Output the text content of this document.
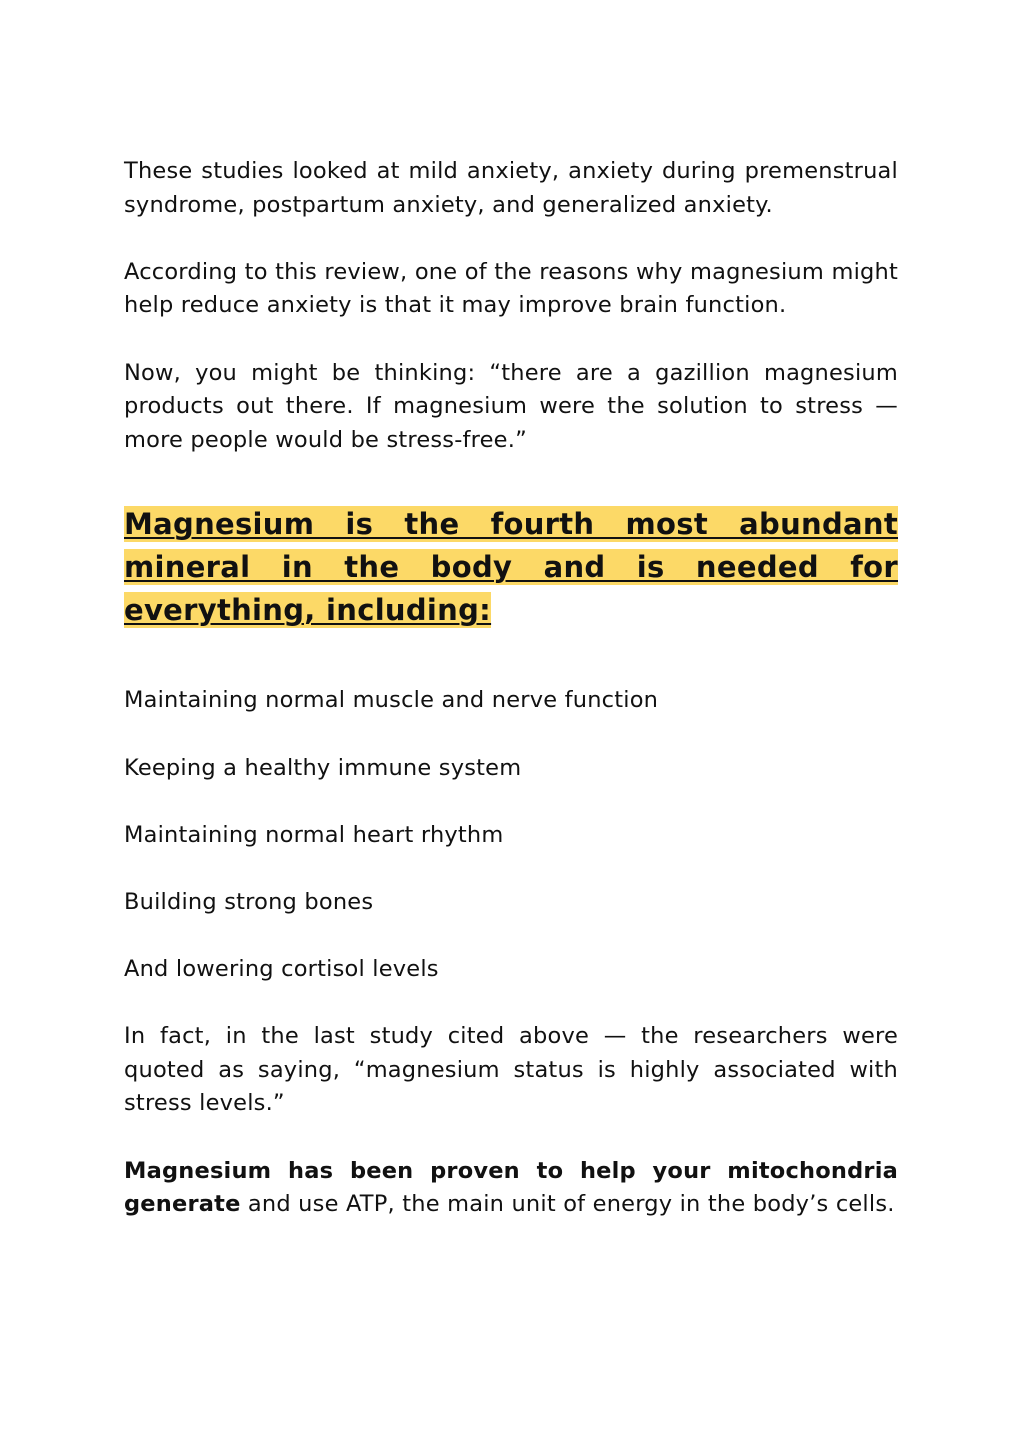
These studies looked at mild anxiety, anxiety during premenstrual syndrome, postpartum anxiety, and generalized anxiety.

According to this review, one of the reasons why magnesium might help reduce anxiety is that it may improve brain function.

Now, you might be thinking: “there are a gazillion magnesium products out there. If magnesium were the solution to stress — more people would be stress-free.”

Magnesium is the fourth most abundant mineral in the body and is needed for everything, including:
Maintaining normal muscle and nerve function
Keeping a healthy immune system
Maintaining normal heart rhythm
Building strong bones
And lowering cortisol levels

In fact, in the last study cited above — the researchers were quoted as saying, “magnesium status is highly associated with stress levels.”

Magnesium has been proven to help your mitochondria generate and use ATP, the main unit of energy in the body’s cells.
